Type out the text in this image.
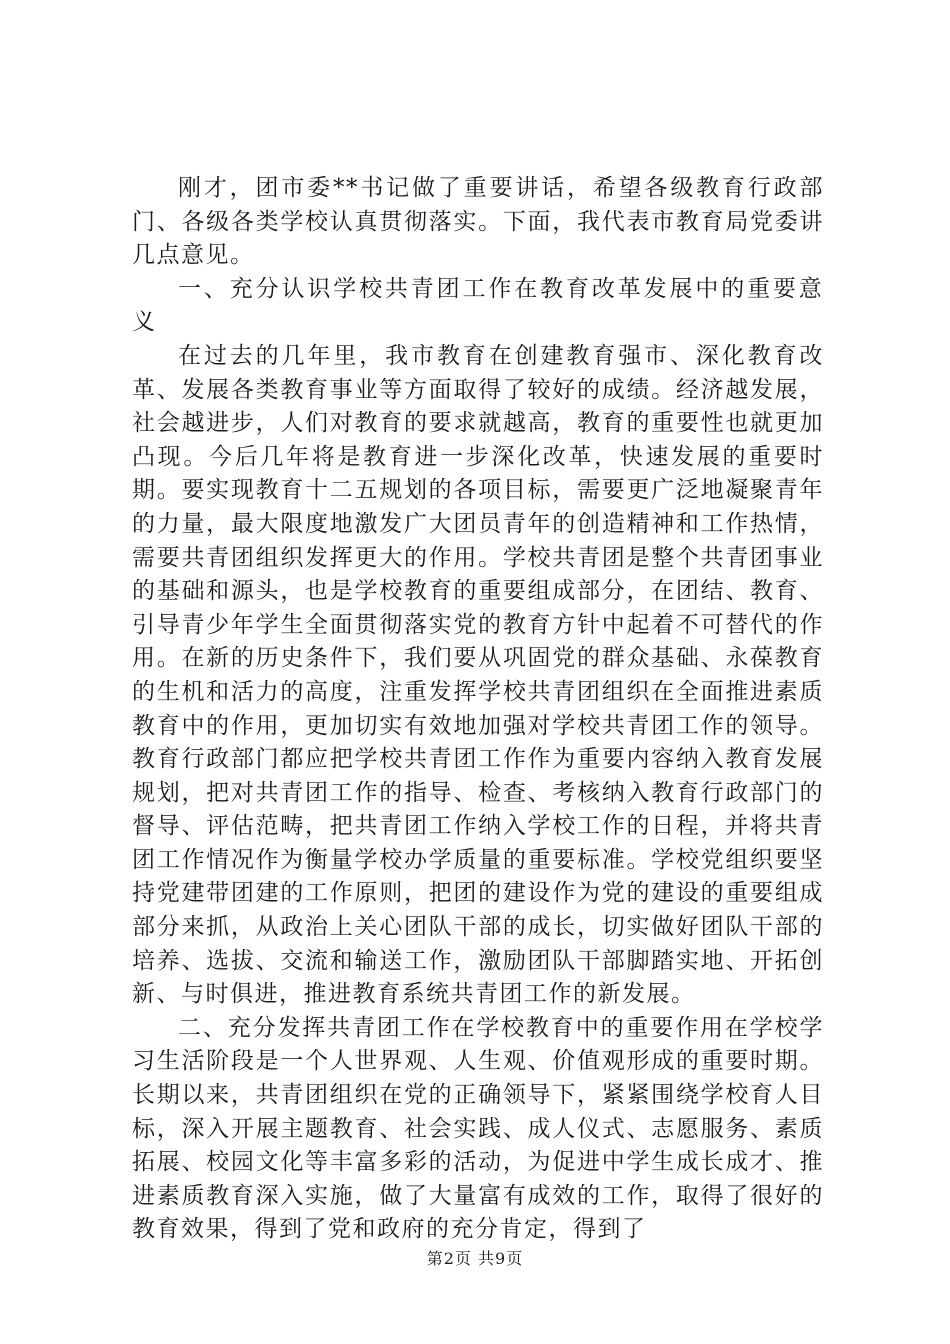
刚才，团市委**书记做了重要讲话，希望各级教育行政部门、各级各类学校认真贯彻落实。下面，我代表市教育局党委讲几点意见。

一、充分认识学校共青团工作在教育改革发展中的重要意义

在过去的几年里，我市教育在创建教育强市、深化教育改革、发展各类教育事业等方面取得了较好的成绩。经济越发展，社会越进步，人们对教育的要求就越高，教育的重要性也就更加凸现。今后几年将是教育进一步深化改革，快速发展的重要时期。要实现教育十二五规划的各项目标，需要更广泛地凝聚青年的力量，最大限度地激发广大团员青年的创造精神和工作热情，需要共青团组织发挥更大的作用。学校共青团是整个共青团事业的基础和源头，也是学校教育的重要组成部分，在团结、教育、引导青少年学生全面贯彻落实党的教育方针中起着不可替代的作用。在新的历史条件下，我们要从巩固党的群众基础、永葆教育的生机和活力的高度，注重发挥学校共青团组织在全面推进素质教育中的作用，更加切实有效地加强对学校共青团工作的领导。教育行政部门都应把学校共青团工作作为重要内容纳入教育发展规划，把对共青团工作的指导、检查、考核纳入教育行政部门的督导、评估范畴，把共青团工作纳入学校工作的日程，并将共青团工作情况作为衡量学校办学质量的重要标准。学校党组织要坚持党建带团建的工作原则，把团的建设作为党的建设的重要组成部分来抓，从政治上关心团队干部的成长，切实做好团队干部的培养、选拔、交流和输送工作，激励团队干部脚踏实地、开拓创新、与时俱进，推进教育系统共青团工作的新发展。

二、充分发挥共青团工作在学校教育中的重要作用在学校学习生活阶段是一个人世界观、人生观、价值观形成的重要时期。长期以来，共青团组织在党的正确领导下，紧紧围绕学校育人目标，深入开展主题教育、社会实践、成人仪式、志愿服务、素质拓展、校园文化等丰富多彩的活动，为促进中学生成长成才、推进素质教育深入实施，做了大量富有成效的工作，取得了很好的教育效果，得到了党和政府的充分肯定，得到了

第2页 共9页
